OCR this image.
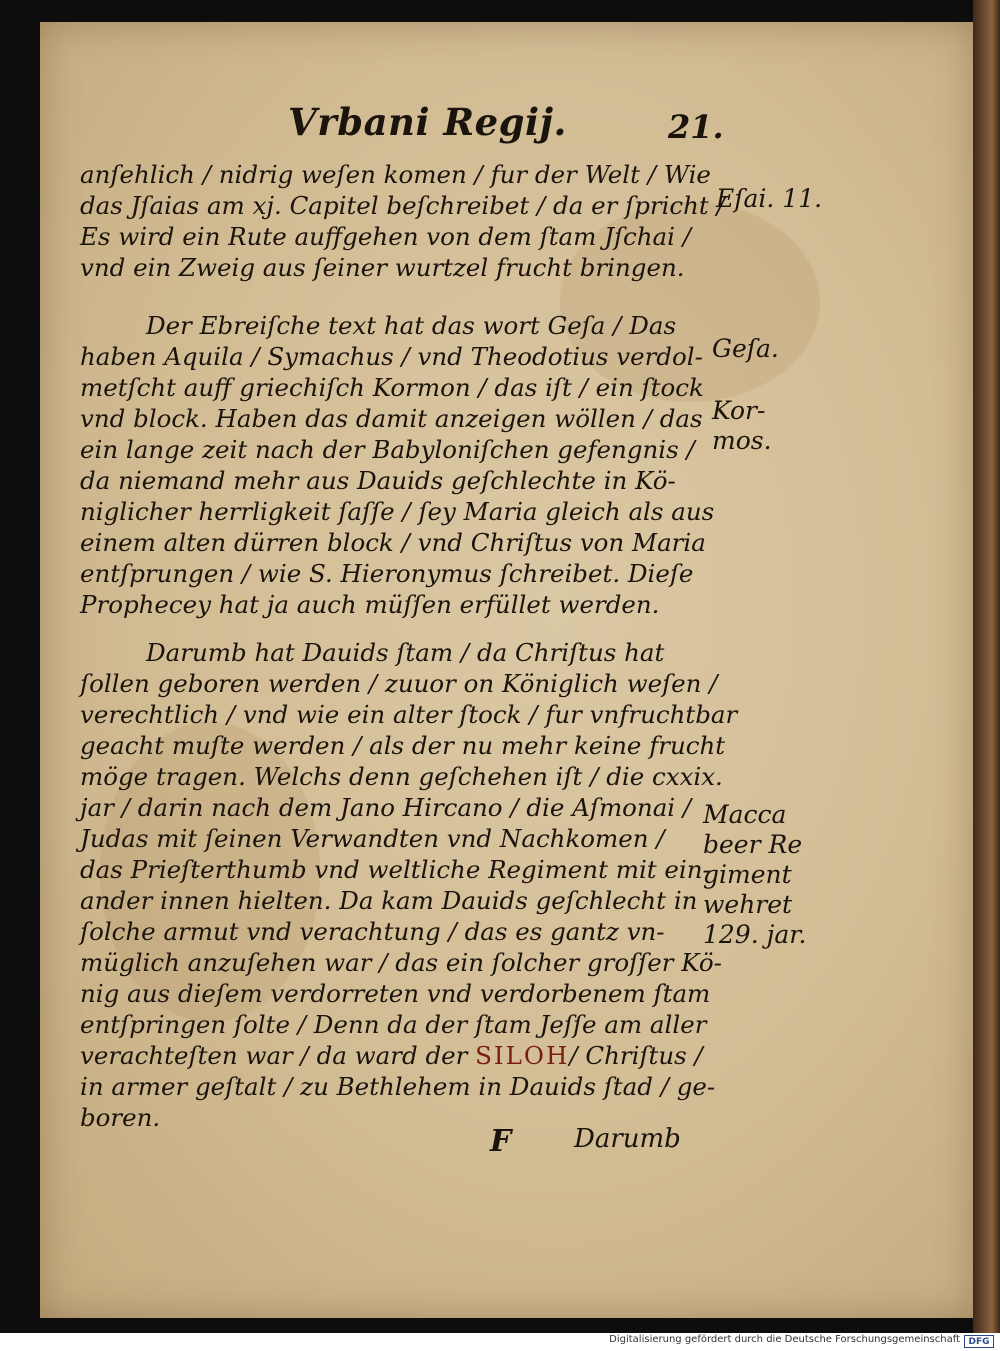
Vrbani Regij.	21.
anſehlich / nidrig weſen komen / fur der Welt / Wie
das Jſaias am xj. Capitel beſchreibet / da er ſpricht /
Es wird ein Rute auffgehen von dem ſtam Jſchai /
vnd ein Zweig aus ſeiner wurtzel frucht bringen.
Der Ebreiſche text hat das wort Geſa / Das
haben Aquila / Symachus / vnd Theodotius verdol-
metſcht auff griechiſch Kormon / das iſt / ein ſtock
vnd block. Haben das damit anzeigen wöllen / das
ein lange zeit nach der Babyloniſchen gefengnis /
da niemand mehr aus Dauids geſchlechte in Kö-
niglicher herrligkeit ſaſſe / ſey Maria gleich als aus
einem alten dürren block / vnd Chriſtus von Maria
entſprungen / wie S. Hieronymus ſchreibet. Dieſe
Prophecey hat ja auch müſſen erfüllet werden.
Darumb hat Dauids ſtam / da Chriſtus hat
ſollen geboren werden / zuuor on Königlich weſen /
verechtlich / vnd wie ein alter ſtock / fur vnfruchtbar
geacht muſte werden / als der nu mehr keine frucht
möge tragen. Welchs denn geſchehen iſt / die cxxix.
jar / darin nach dem Jano Hircano / die Aſmonai /
Judas mit ſeinen Verwandten vnd Nachkomen /
das Prieſterthumb vnd weltliche Regiment mit ein-
ander innen hielten. Da kam Dauids geſchlecht in
ſolche armut vnd verachtung / das es gantz vn-
müglich anzuſehen war / das ein ſolcher groſſer Kö-
nig aus dieſem verdorreten vnd verdorbenem ſtam
entſpringen ſolte / Denn da der ſtam Jeſſe am aller
verachteſten war / da ward der SILOH/ Chriſtus /
in armer geſtalt / zu Bethlehem in Dauids ſtad / ge-
boren.
Eſai. 11.
Geſa.
Kor-
mos.
Macca
beer Re
giment
wehret
129. jar.
F Darumb
Digitalisierung gefördert durch die Deutsche Forschungsgemeinschaft DFG
